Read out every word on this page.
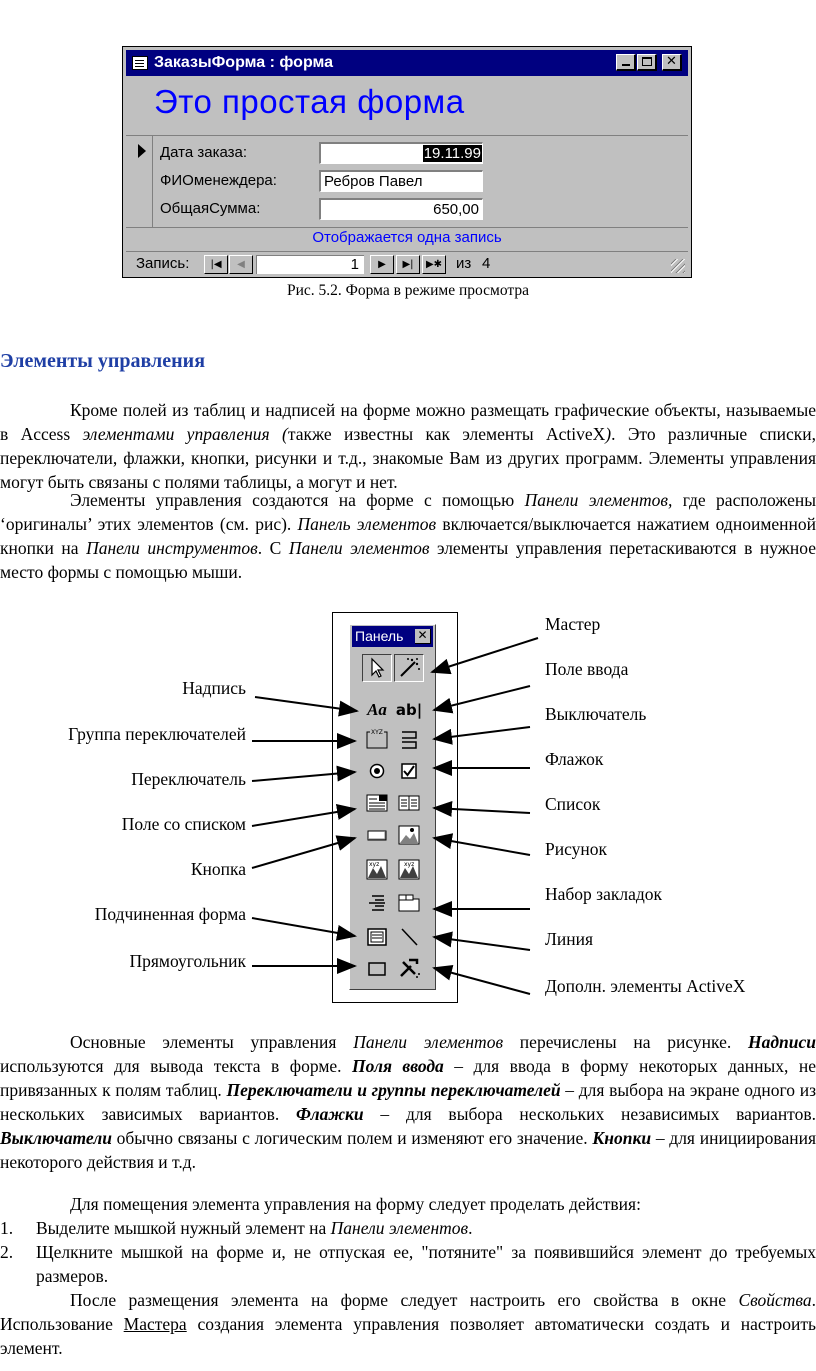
ЗаказыФорма : форма	✕
Это простая форма
Дата заказа:	19.11.99
ФИОменеждера:	Ребров Павел
ОбщаяСумма:	650,00
Отображается одна запись
Запись:	|◀	◀	1	▶	▶|	▶✱ из 4
Рис. 5.2. Форма в режиме просмотра
Элементы управления
Кроме полей из таблиц и надписей на форме можно размещать графические объекты, называемые в Access элементами управления (также известны как элементы ActiveX). Это различные списки, переключатели, флажки, кнопки, рисунки и т.д., знакомые Вам из других программ. Элементы управления могут быть связаны с полями таблицы, а могут и нет.
Элементы управления создаются на форме с помощью Панели элементов, где расположены ‘оригиналы’ этих элементов (см. рис). Панель элементов включается/выключается нажатием одноименной кнопки на Панели инструментов. С Панели элементов элементы управления перетаскиваются в нужное место формы с помощью мыши.
Панель ✕
Aa ab|
XYZ
xyz	xyz
Надпись
Группа переключателей
Переключатель
Поле со списком
Кнопка
Подчиненная форма
Прямоугольник
Мастер
Поле ввода
Выключатель
Флажок
Список
Рисунок
Набор закладок
Линия
Дополн. элементы ActiveX
Основные элементы управления Панели элементов перечислены на рисунке. Надписи используются для вывода текста в форме. Поля ввода – для ввода в форму некоторых данных, не привязанных к полям таблиц. Переключатели и группы переключателей – для выбора на экране одного из нескольких зависимых вариантов. Флажки – для выбора нескольких независимых вариантов. Выключатели обычно связаны с логическим полем и изменяют его значение. Кнопки – для инициирования некоторого действия и т.д.
Для помещения элемента управления на форму следует проделать действия:
1. Выделите мышкой нужный элемент на Панели элементов.
2. Щелкните мышкой на форме и, не отпуская ее, "потяните" за появившийся элемент до требуемых размеров.
После размещения элемента на форме следует настроить его свойства в окне Свойства. Использование Мастера создания элемента управления позволяет автоматически создать и настроить элемент.
